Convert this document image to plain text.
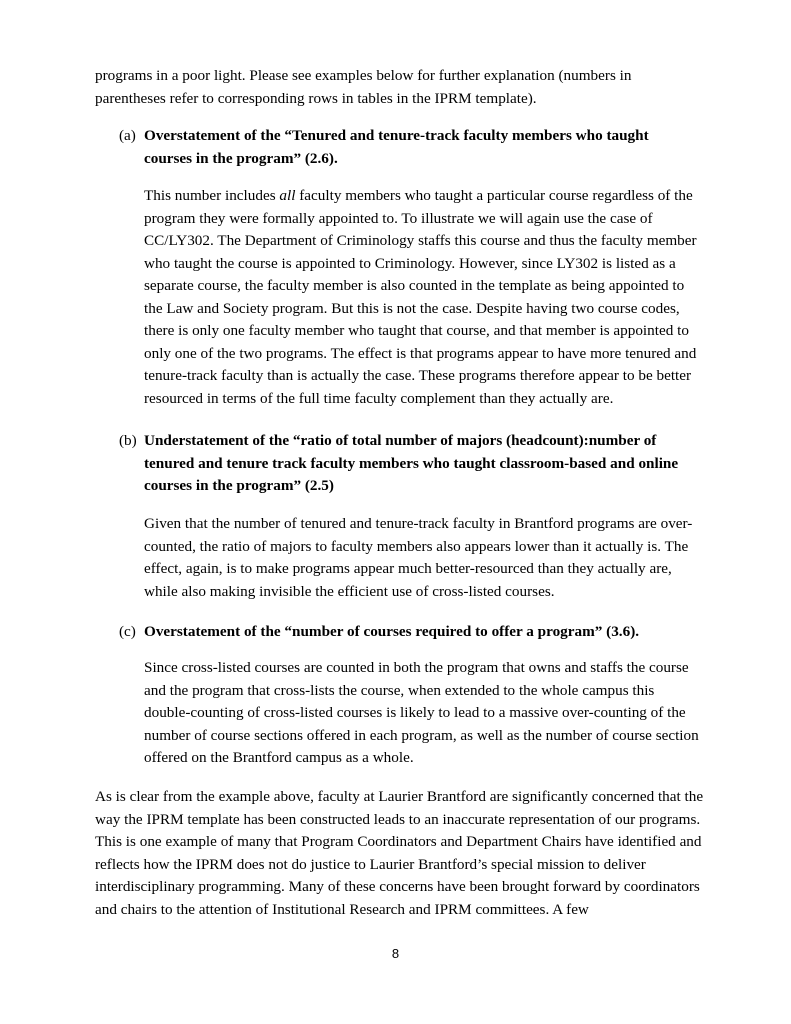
programs in a poor light. Please see examples below for further explanation (numbers in parentheses refer to corresponding rows in tables in the IPRM template).

(a) Overstatement of the “Tenured and tenure-track faculty members who taught courses in the program” (2.6).

This number includes all faculty members who taught a particular course regardless of the program they were formally appointed to. To illustrate we will again use the case of CC/LY302. The Department of Criminology staffs this course and thus the faculty member who taught the course is appointed to Criminology. However, since LY302 is listed as a separate course, the faculty member is also counted in the template as being appointed to the Law and Society program. But this is not the case. Despite having two course codes, there is only one faculty member who taught that course, and that member is appointed to only one of the two programs. The effect is that programs appear to have more tenured and tenure-track faculty than is actually the case. These programs therefore appear to be better resourced in terms of the full time faculty complement than they actually are.

(b) Understatement of the “ratio of total number of majors (headcount):number of tenured and tenure track faculty members who taught classroom-based and online courses in the program” (2.5)

Given that the number of tenured and tenure-track faculty in Brantford programs are over-counted, the ratio of majors to faculty members also appears lower than it actually is. The effect, again, is to make programs appear much better-resourced than they actually are, while also making invisible the efficient use of cross-listed courses.

(c) Overstatement of the “number of courses required to offer a program” (3.6).

Since cross-listed courses are counted in both the program that owns and staffs the course and the program that cross-lists the course, when extended to the whole campus this double-counting of cross-listed courses is likely to lead to a massive over-counting of the number of course sections offered in each program, as well as the number of course section offered on the Brantford campus as a whole.

As is clear from the example above, faculty at Laurier Brantford are significantly concerned that the way the IPRM template has been constructed leads to an inaccurate representation of our programs. This is one example of many that Program Coordinators and Department Chairs have identified and reflects how the IPRM does not do justice to Laurier Brantford’s special mission to deliver interdisciplinary programming. Many of these concerns have been brought forward by coordinators and chairs to the attention of Institutional Research and IPRM committees. A few

8
